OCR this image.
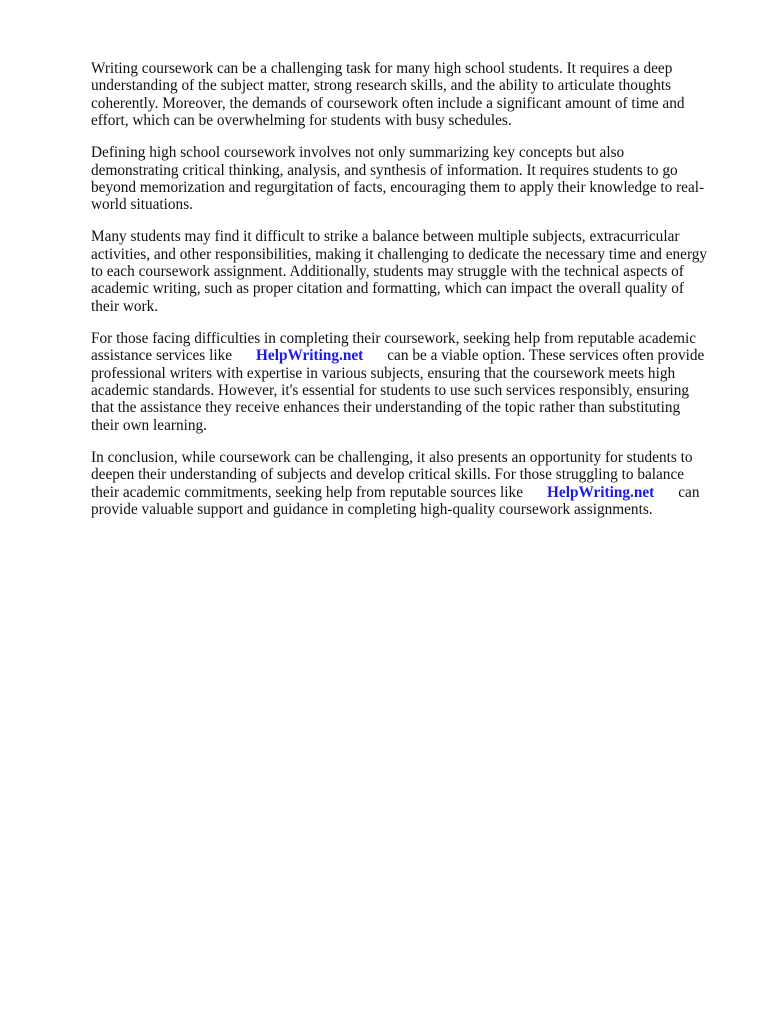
Writing coursework can be a challenging task for many high school students. It requires a deep
understanding of the subject matter, strong research skills, and the ability to articulate thoughts
coherently. Moreover, the demands of coursework often include a significant amount of time and
effort, which can be overwhelming for students with busy schedules.

Defining high school coursework involves not only summarizing key concepts but also
demonstrating critical thinking, analysis, and synthesis of information. It requires students to go
beyond memorization and regurgitation of facts, encouraging them to apply their knowledge to real-
world situations.

Many students may find it difficult to strike a balance between multiple subjects, extracurricular
activities, and other responsibilities, making it challenging to dedicate the necessary time and energy
to each coursework assignment. Additionally, students may struggle with the technical aspects of
academic writing, such as proper citation and formatting, which can impact the overall quality of
their work.

For those facing difficulties in completing their coursework, seeking help from reputable academic
assistance services like HelpWriting.net can be a viable option. These services often provide
professional writers with expertise in various subjects, ensuring that the coursework meets high
academic standards. However, it's essential for students to use such services responsibly, ensuring
that the assistance they receive enhances their understanding of the topic rather than substituting
their own learning.

In conclusion, while coursework can be challenging, it also presents an opportunity for students to
deepen their understanding of subjects and develop critical skills. For those struggling to balance
their academic commitments, seeking help from reputable sources like HelpWriting.net can
provide valuable support and guidance in completing high-quality coursework assignments.
